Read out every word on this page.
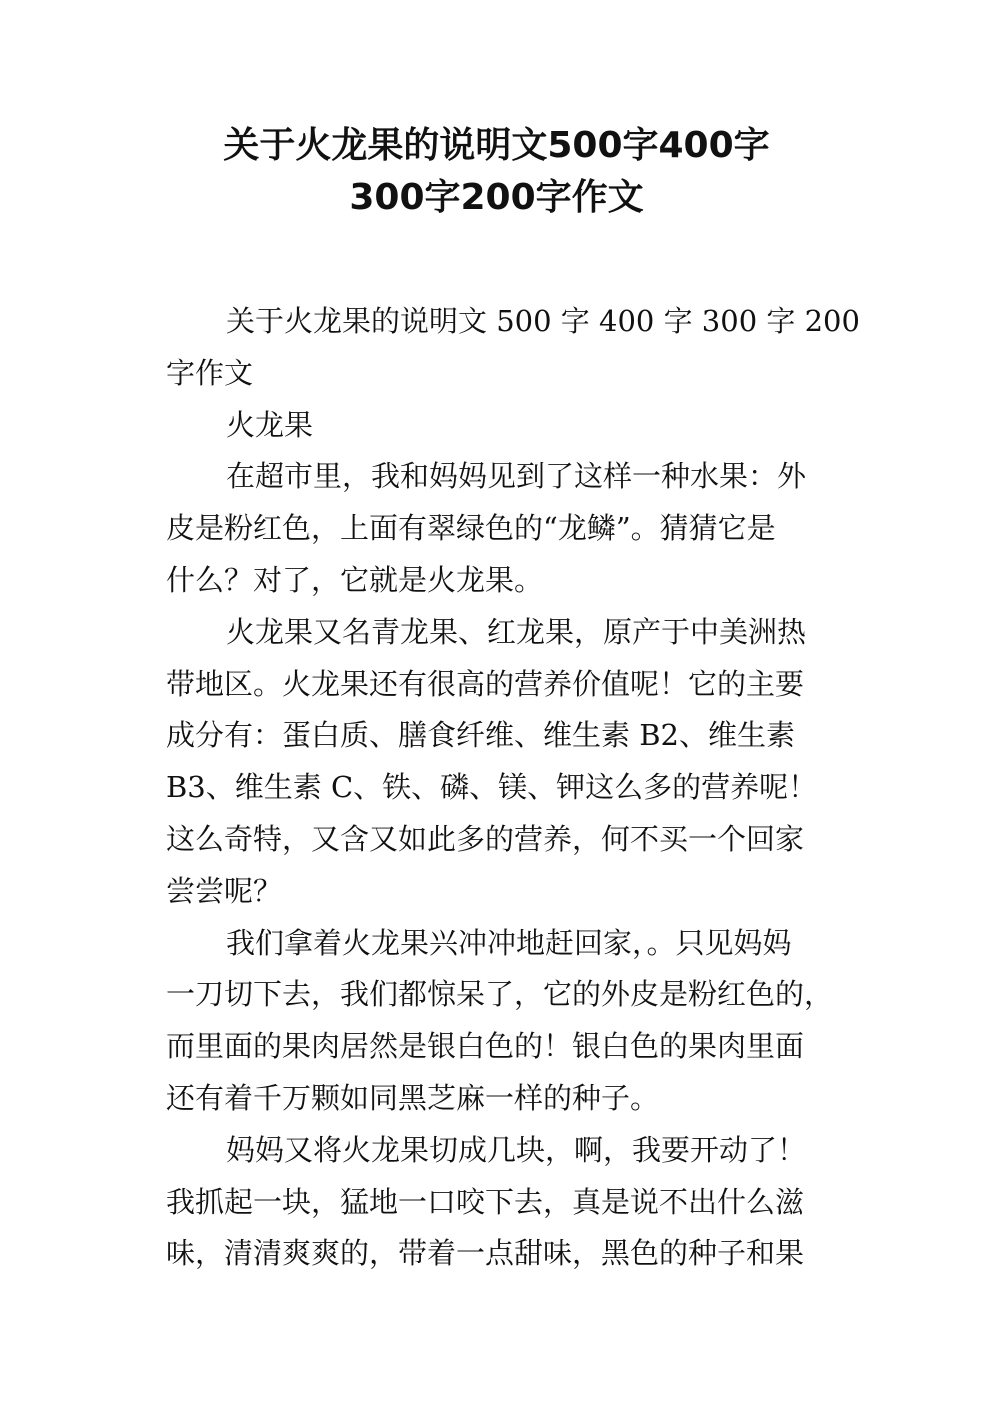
关于火龙果的说明文500字400字
300字200字作文

关于火龙果的说明文 500 字 400 字 300 字 200
字作文

火龙果

在超市里，我和妈妈见到了这样一种水果：外
皮是粉红色，上面有翠绿色的“龙鳞”。猜猜它是
什么？对了，它就是火龙果。

火龙果又名青龙果、红龙果，原产于中美洲热
带地区。火龙果还有很高的营养价值呢！它的主要
成分有：蛋白质、膳食纤维、维生素 B2、维生素
B3、维生素 C、铁、磷、镁、钾这么多的营养呢！
这么奇特，又含又如此多的营养，何不买一个回家
尝尝呢？

我们拿着火龙果兴冲冲地赶回家，。只见妈妈
一刀切下去，我们都惊呆了，它的外皮是粉红色的，
而里面的果肉居然是银白色的！银白色的果肉里面
还有着千万颗如同黑芝麻一样的种子。

妈妈又将火龙果切成几块，啊，我要开动了！
我抓起一块，猛地一口咬下去，真是说不出什么滋
味，清清爽爽的，带着一点甜味，黑色的种子和果
